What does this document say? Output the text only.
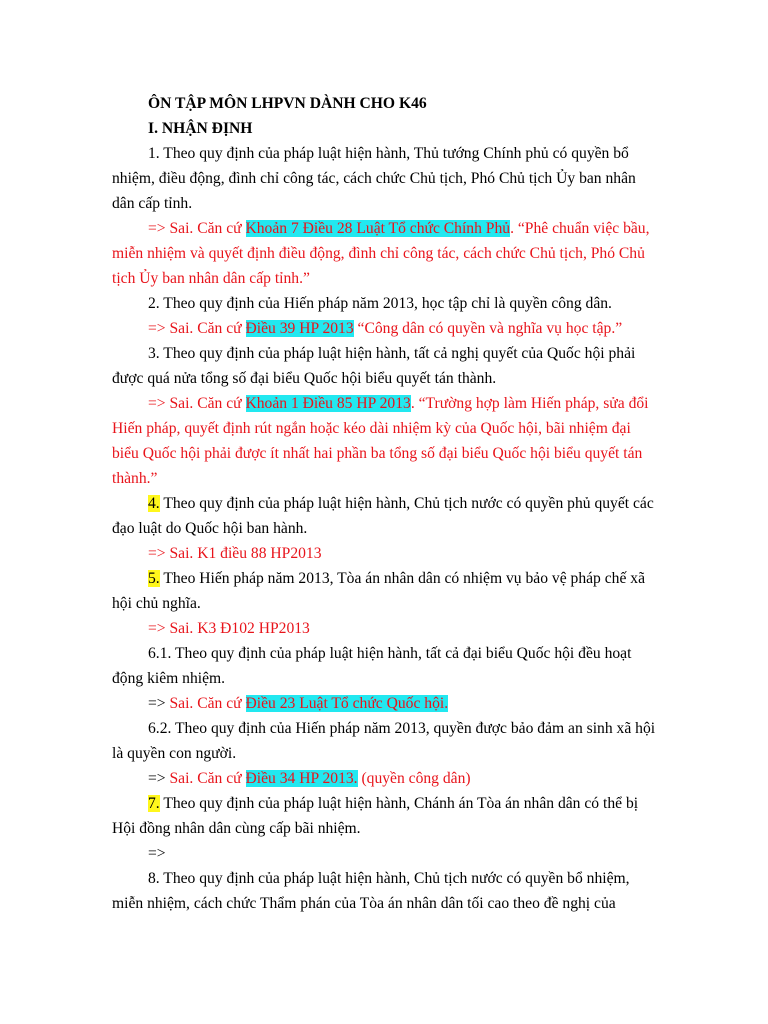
ÔN TẬP MÔN LHPVN DÀNH CHO K46
I. NHẬN ĐỊNH
1. Theo quy định của pháp luật hiện hành, Thủ tướng Chính phủ có quyền bổ
nhiệm, điều động, đình chỉ công tác, cách chức Chủ tịch, Phó Chủ tịch Ủy ban nhân
dân cấp tỉnh.
=> Sai. Căn cứ Khoản 7 Điều 28 Luật Tổ chức Chính Phủ. “Phê chuẩn việc bầu,
miễn nhiệm và quyết định điều động, đình chỉ công tác, cách chức Chủ tịch, Phó Chủ
tịch Ủy ban nhân dân cấp tỉnh.”
2. Theo quy định của Hiến pháp năm 2013, học tập chỉ là quyền công dân.
=> Sai. Căn cứ Điều 39 HP 2013 “Công dân có quyền và nghĩa vụ học tập.”
3. Theo quy định của pháp luật hiện hành, tất cả nghị quyết của Quốc hội phải
được quá nửa tổng số đại biểu Quốc hội biểu quyết tán thành.
=> Sai. Căn cứ Khoản 1 Điều 85 HP 2013. “Trường hợp làm Hiến pháp, sửa đổi
Hiến pháp, quyết định rút ngắn hoặc kéo dài nhiệm kỳ của Quốc hội, bãi nhiệm đại
biểu Quốc hội phải được ít nhất hai phần ba tổng số đại biểu Quốc hội biểu quyết tán
thành.”
4. Theo quy định của pháp luật hiện hành, Chủ tịch nước có quyền phủ quyết các
đạo luật do Quốc hội ban hành.
=> Sai. K1 điều 88 HP2013
5. Theo Hiến pháp năm 2013, Tòa án nhân dân có nhiệm vụ bảo vệ pháp chế xã
hội chủ nghĩa.
=> Sai. K3 Đ102 HP2013
6.1. Theo quy định của pháp luật hiện hành, tất cả đại biểu Quốc hội đều hoạt
động kiêm nhiệm.
=> Sai. Căn cứ Điều 23 Luật Tổ chức Quốc hội.
6.2. Theo quy định của Hiến pháp năm 2013, quyền được bảo đảm an sinh xã hội
là quyền con người.
=> Sai. Căn cứ Điều 34 HP 2013. (quyền công dân)
7. Theo quy định của pháp luật hiện hành, Chánh án Tòa án nhân dân có thể bị
Hội đồng nhân dân cùng cấp bãi nhiệm.
=>
8. Theo quy định của pháp luật hiện hành, Chủ tịch nước có quyền bổ nhiệm,
miễn nhiệm, cách chức Thẩm phán của Tòa án nhân dân tối cao theo đề nghị của
